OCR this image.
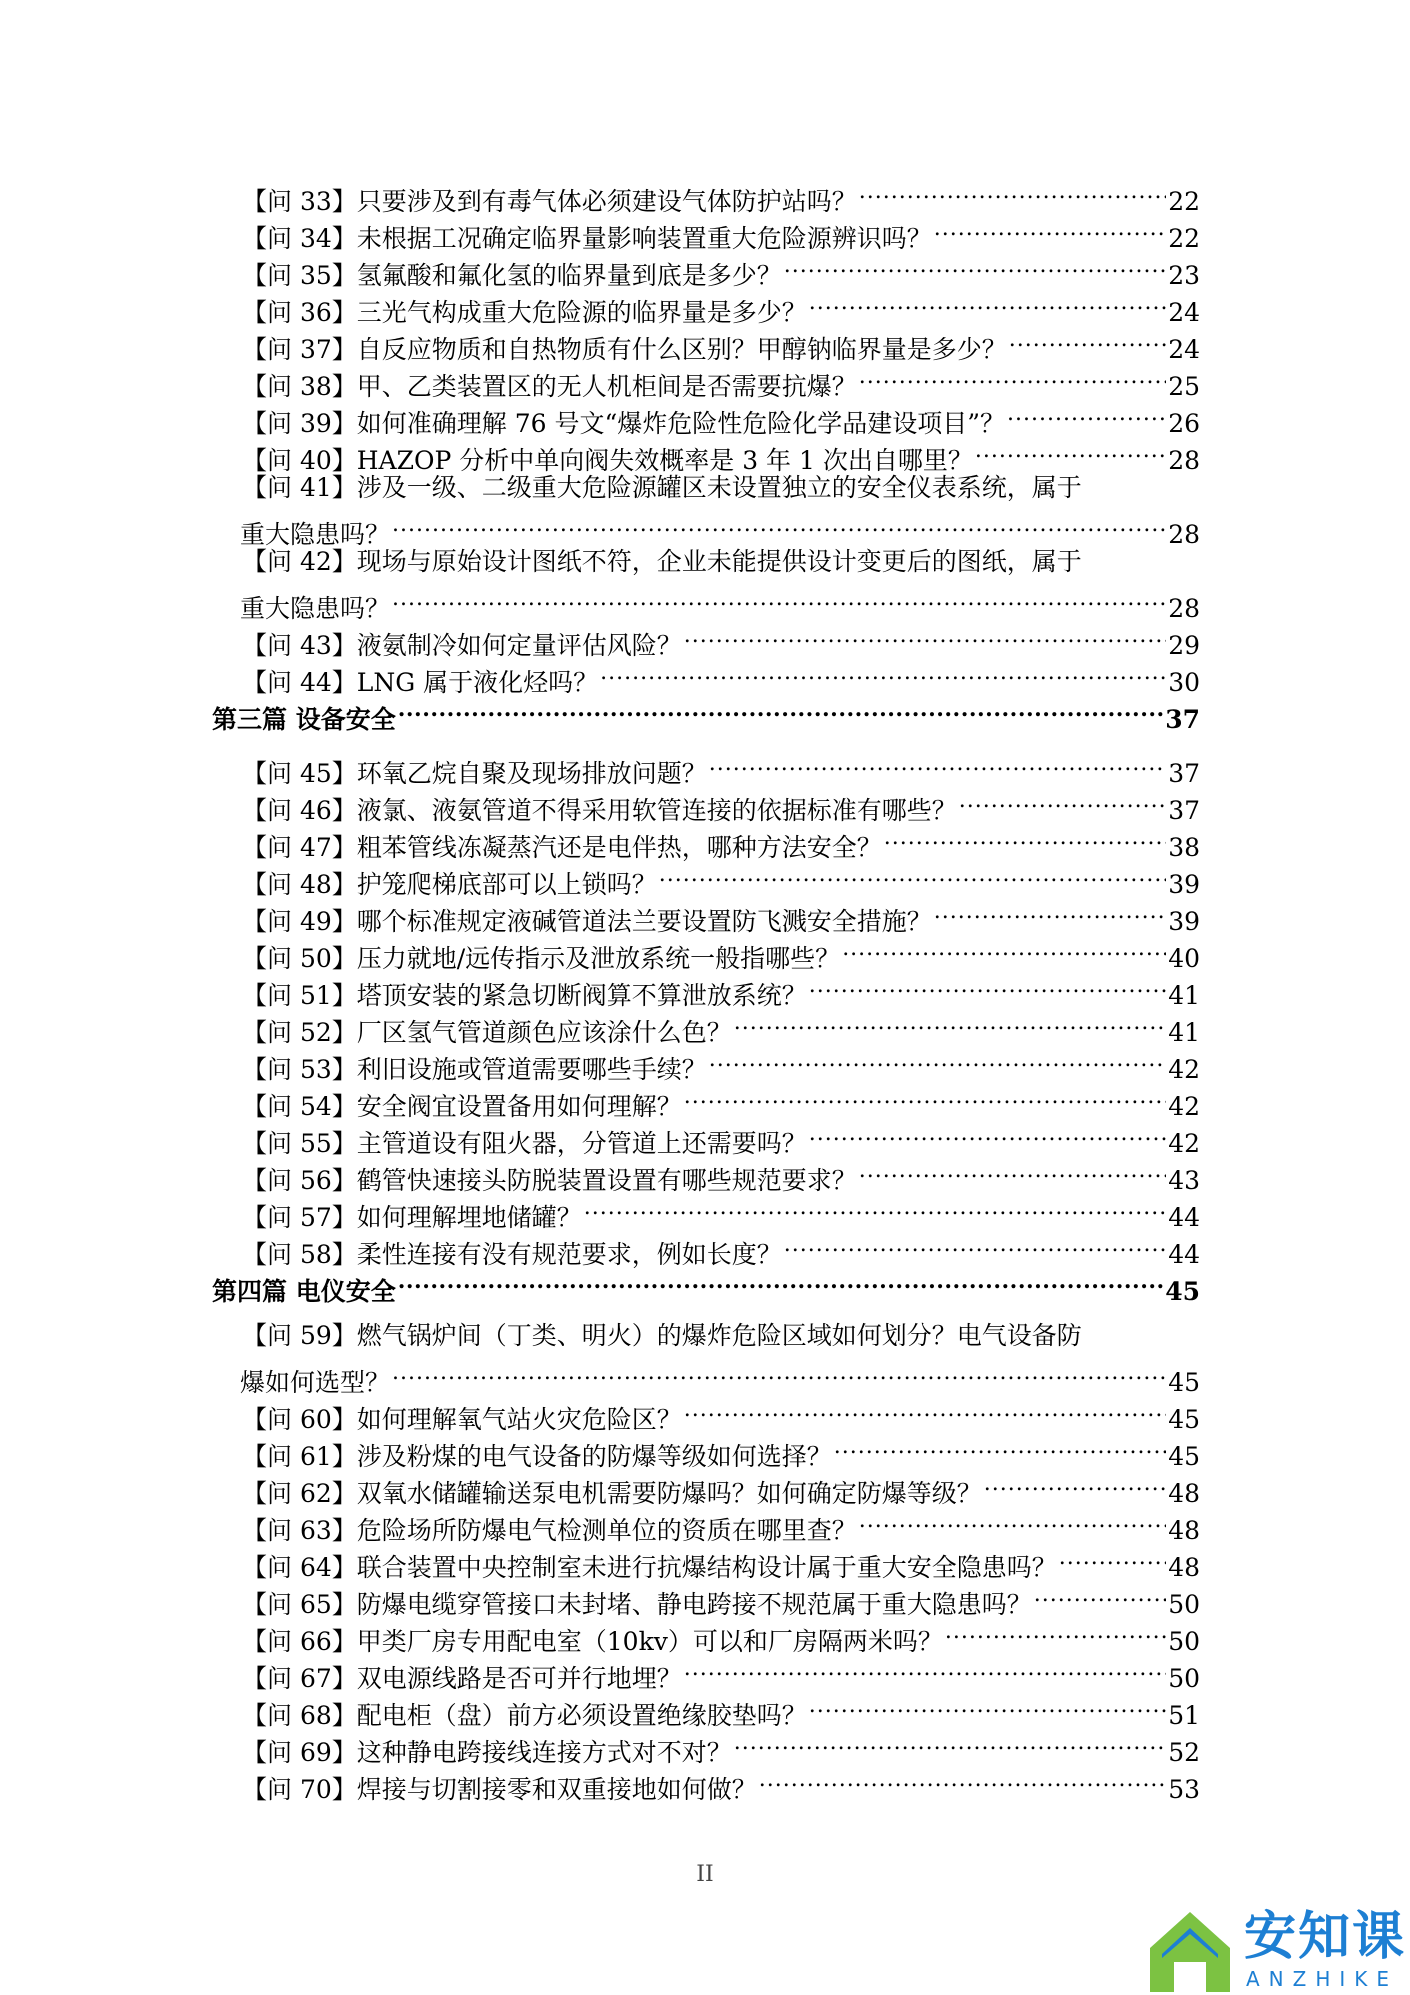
【问 33】只要涉及到有毒气体必须建设气体防护站吗？ .....	22
【问 34】未根据工况确定临界量影响装置重大危险源辨识吗？ .....	22
【问 35】氢氟酸和氟化氢的临界量到底是多少？ .....	23
【问 36】三光气构成重大危险源的临界量是多少？ .....	24
【问 37】自反应物质和自热物质有什么区别？甲醇钠临界量是多少？ .....	24
【问 38】甲、乙类装置区的无人机柜间是否需要抗爆？ .....	25
【问 39】如何准确理解 76 号文“爆炸危险性危险化学品建设项目”？ .....	26
【问 40】HAZOP 分析中单向阀失效概率是 3 年 1 次出自哪里？ .....	28
【问 41】涉及一级、二级重大危险源罐区未设置独立的安全仪表系统，属于
重大隐患吗？ .....	28
【问 42】现场与原始设计图纸不符，企业未能提供设计变更后的图纸，属于
重大隐患吗？ .....	28
【问 43】液氨制冷如何定量评估风险？ .....	29
【问 44】LNG 属于液化烃吗？ .....	30
第三篇 设备安全 .....	37
【问 45】环氧乙烷自聚及现场排放问题？ .....	37
【问 46】液氯、液氨管道不得采用软管连接的依据标准有哪些？ .....	37
【问 47】粗苯管线冻凝蒸汽还是电伴热，哪种方法安全？ .....	38
【问 48】护笼爬梯底部可以上锁吗？ .....	39
【问 49】哪个标准规定液碱管道法兰要设置防飞溅安全措施？ .....	39
【问 50】压力就地/远传指示及泄放系统一般指哪些？ .....	40
【问 51】塔顶安装的紧急切断阀算不算泄放系统？ .....	41
【问 52】厂区氢气管道颜色应该涂什么色？ .....	41
【问 53】利旧设施或管道需要哪些手续？ .....	42
【问 54】安全阀宜设置备用如何理解？ .....	42
【问 55】主管道设有阻火器，分管道上还需要吗？ .....	42
【问 56】鹤管快速接头防脱装置设置有哪些规范要求？ .....	43
【问 57】如何理解埋地储罐？ .....	44
【问 58】柔性连接有没有规范要求，例如长度？ .....	44
第四篇 电仪安全 .....	45
【问 59】燃气锅炉间（丁类、明火）的爆炸危险区域如何划分？电气设备防
爆如何选型？ .....	45
【问 60】如何理解氧气站火灾危险区？ .....	45
【问 61】涉及粉煤的电气设备的防爆等级如何选择？ .....	45
【问 62】双氧水储罐输送泵电机需要防爆吗？如何确定防爆等级？ .....	48
【问 63】危险场所防爆电气检测单位的资质在哪里查？ .....	48
【问 64】联合装置中央控制室未进行抗爆结构设计属于重大安全隐患吗？ .....	48
【问 65】防爆电缆穿管接口未封堵、静电跨接不规范属于重大隐患吗？ .....	50
【问 66】甲类厂房专用配电室（10kv）可以和厂房隔两米吗？ .....	50
【问 67】双电源线路是否可并行地埋？ .....	50
【问 68】配电柜（盘）前方必须设置绝缘胶垫吗？ .....	51
【问 69】这种静电跨接线连接方式对不对？ .....	52
【问 70】焊接与切割接零和双重接地如何做？ .....	53
II
安知课
ANZHIKE
